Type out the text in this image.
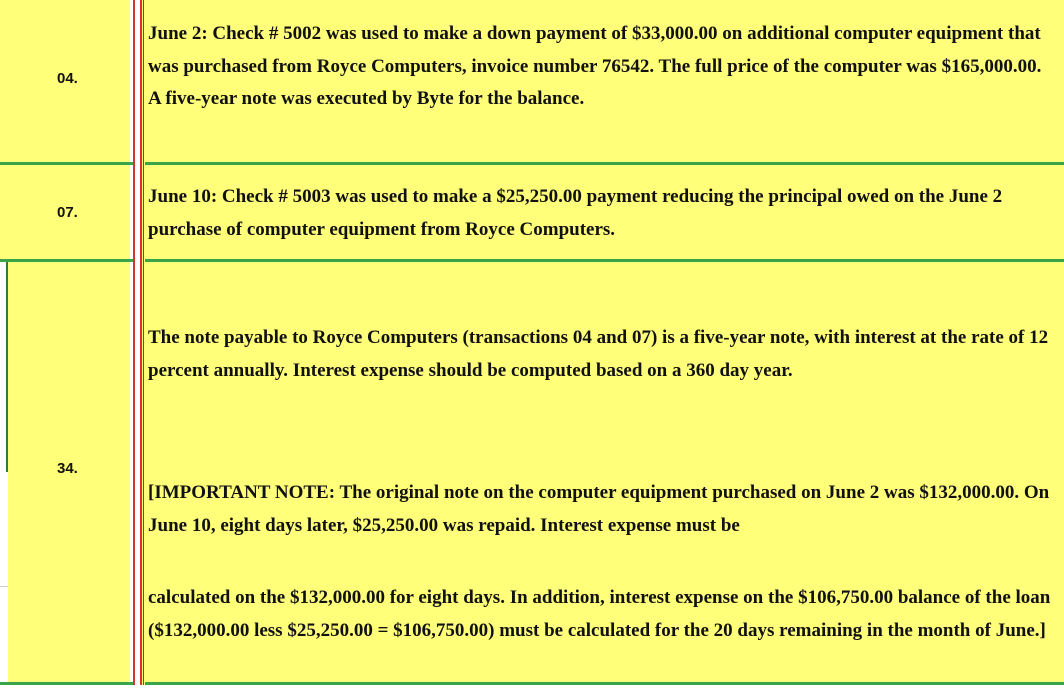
04.

June 2: Check # 5002 was used to make a down payment of $33,000.00 on additional computer equipment that was purchased from Royce Computers, invoice number 76542. The full price of the computer was $165,000.00. A five-year note was executed by Byte for the balance.

07.

June 10: Check # 5003 was used to make a $25,250.00 payment reducing the principal owed on the June 2 purchase of computer equipment from Royce Computers.

34.

The note payable to Royce Computers (transactions 04 and 07) is a five-year note, with interest at the rate of 12 percent annually. Interest expense should be computed based on a 360 day year.

[IMPORTANT NOTE: The original note on the computer equipment purchased on June 2 was $132,000.00. On June 10, eight days later, $25,250.00 was repaid. Interest expense must be

calculated on the $132,000.00 for eight days. In addition, interest expense on the $106,750.00 balance of the loan ($132,000.00 less $25,250.00 = $106,750.00) must be calculated for the 20 days remaining in the month of June.]
